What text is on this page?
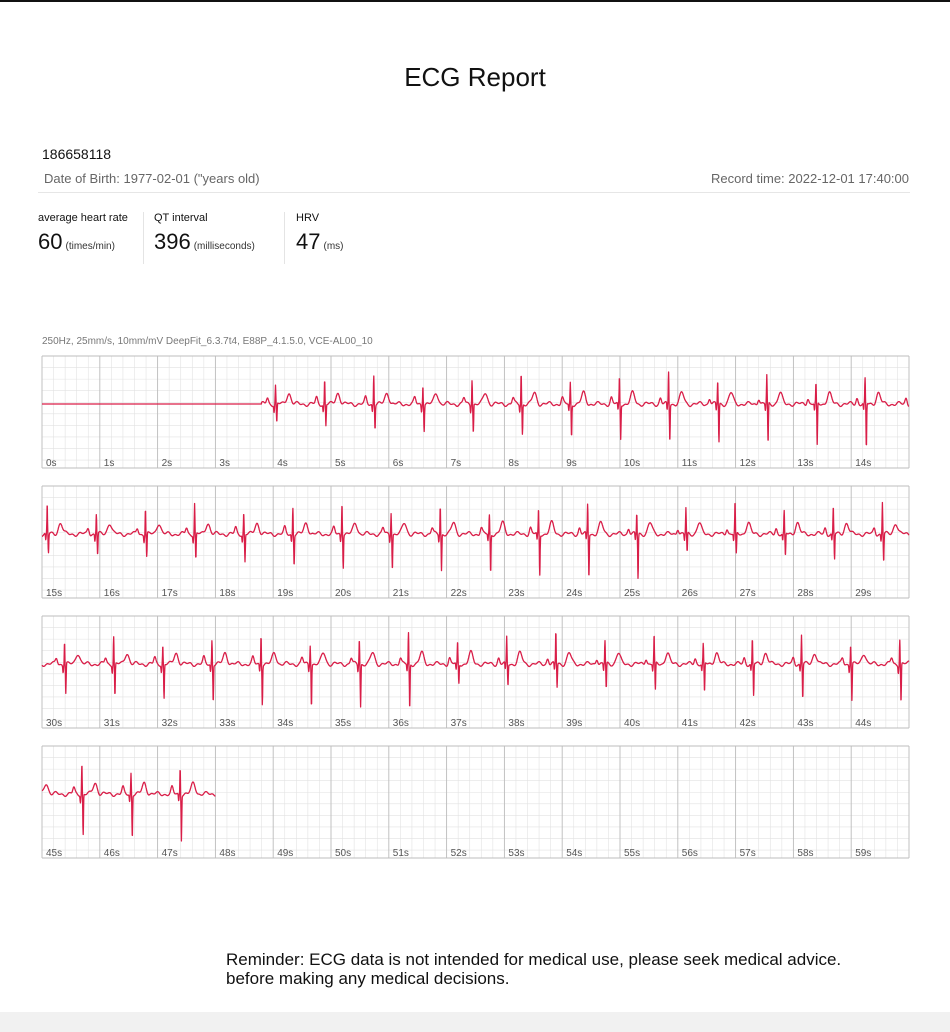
ECG Report
186658118
Date of Birth: 1977-02-01 ("years old)	Record time: 2022-12-01 17:40:00
average heart rate
60 (times/min)
QT interval
396 (milliseconds)
HRV
47 (ms)
250Hz, 25mm/s, 10mm/mV DeepFit_6.3.7t4, E88P_4.1.5.0, VCE-AL00_10
0s	1s	2s	3s	4s	5s	6s	7s	8s	9s	10s	11s	12s	13s	14s
15s	16s	17s	18s	19s	20s	21s	22s	23s	24s	25s	26s	27s	28s	29s
30s	31s	32s	33s	34s	35s	36s	37s	38s	39s	40s	41s	42s	43s	44s
45s	46s	47s	48s	49s	50s	51s	52s	53s	54s	55s	56s	57s	58s	59s
Reminder: ECG data is not intended for medical use, please seek medical advice.
before making any medical decisions.
